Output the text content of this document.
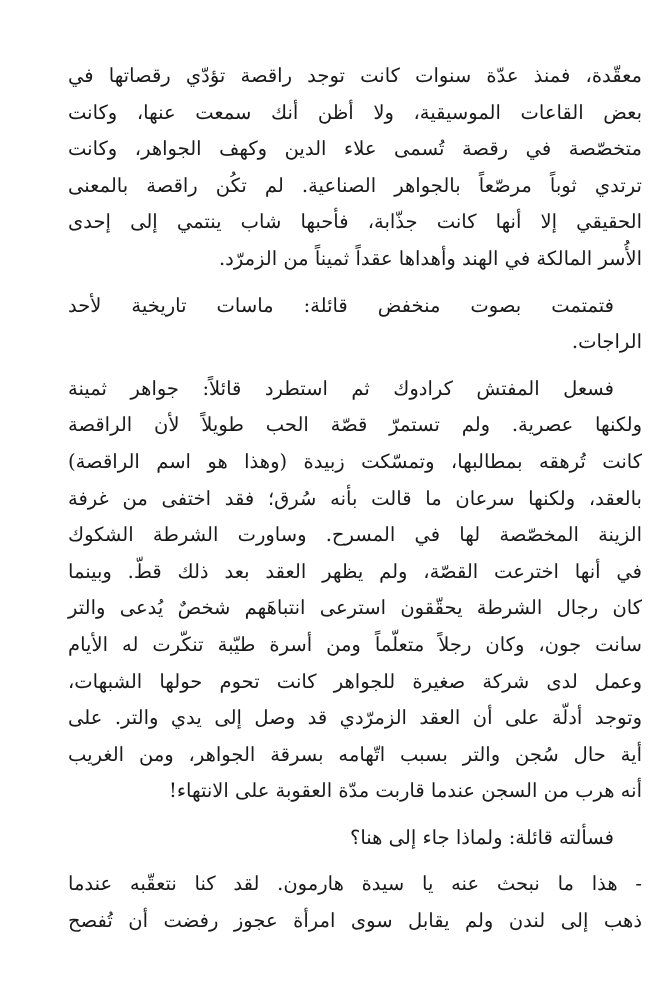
معقّدة، فمنذ عدّة سنوات كانت توجد راقصة تؤدّي رقصاتها في
بعض القاعات الموسيقية، ولا أظن أنك سمعت عنها، وكانت
متخصّصة في رقصة تُسمى علاء الدين وكهف الجواهر، وكانت
ترتدي ثوباً مرصّعاً بالجواهر الصناعية. لم تكُن راقصة بالمعنى
الحقيقي إلا أنها كانت جذّابة، فأحبها شاب ينتمي إلى إحدى
الأُسر المالكة في الهند وأهداها عقداً ثميناً من الزمرّد.

فتمتمت بصوت منخفض قائلة: ماسات تاريخية لأحد
الراجات.

فسعل المفتش كرادوك ثم استطرد قائلاً: جواهر ثمينة
ولكنها عصرية. ولم تستمرّ قصّة الحب طويلاً لأن الراقصة
كانت تُرهقه بمطالبها، وتمسّكت زبيدة (وهذا هو اسم الراقصة)
بالعقد، ولكنها سرعان ما قالت بأنه سُرق؛ فقد اختفى من غرفة
الزينة المخصّصة لها في المسرح. وساورت الشرطة الشكوك
في أنها اخترعت القصّة، ولم يظهر العقد بعد ذلك قطّ. وبينما
كان رجال الشرطة يحقّقون استرعى انتباهَهم شخصٌ يُدعى والتر
سانت جون، وكان رجلاً متعلّماً ومن أسرة طيّبة تنكّرت له الأيام
وعمل لدى شركة صغيرة للجواهر كانت تحوم حولها الشبهات،
وتوجد أدلّة على أن العقد الزمرّدي قد وصل إلى يدي والتر. على
أية حال سُجن والتر بسبب اتّهامه بسرقة الجواهر، ومن الغريب
أنه هرب من السجن عندما قاربت مدّة العقوبة على الانتهاء!

فسألته قائلة: ولماذا جاء إلى هنا؟

- هذا ما نبحث عنه يا سيدة هارمون. لقد كنا نتعقّبه عندما
ذهب إلى لندن ولم يقابل سوى امرأة عجوز رفضت أن تُفصح
